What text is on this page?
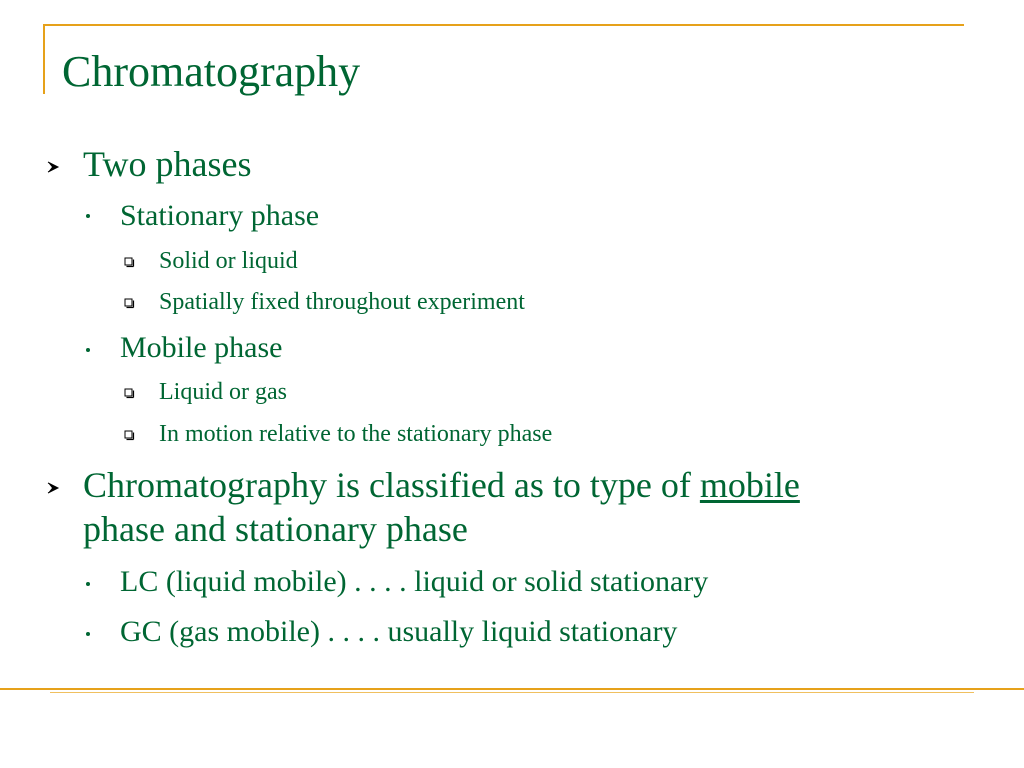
Chromatography
Two phases
Stationary phase
Solid or liquid
Spatially fixed throughout experiment
Mobile phase
Liquid or gas
In motion relative to the stationary phase
Chromatography is classified as to type of mobile
phase and stationary phase
LC (liquid mobile) . . . . liquid or solid stationary
GC (gas mobile) . . . . usually liquid stationary
